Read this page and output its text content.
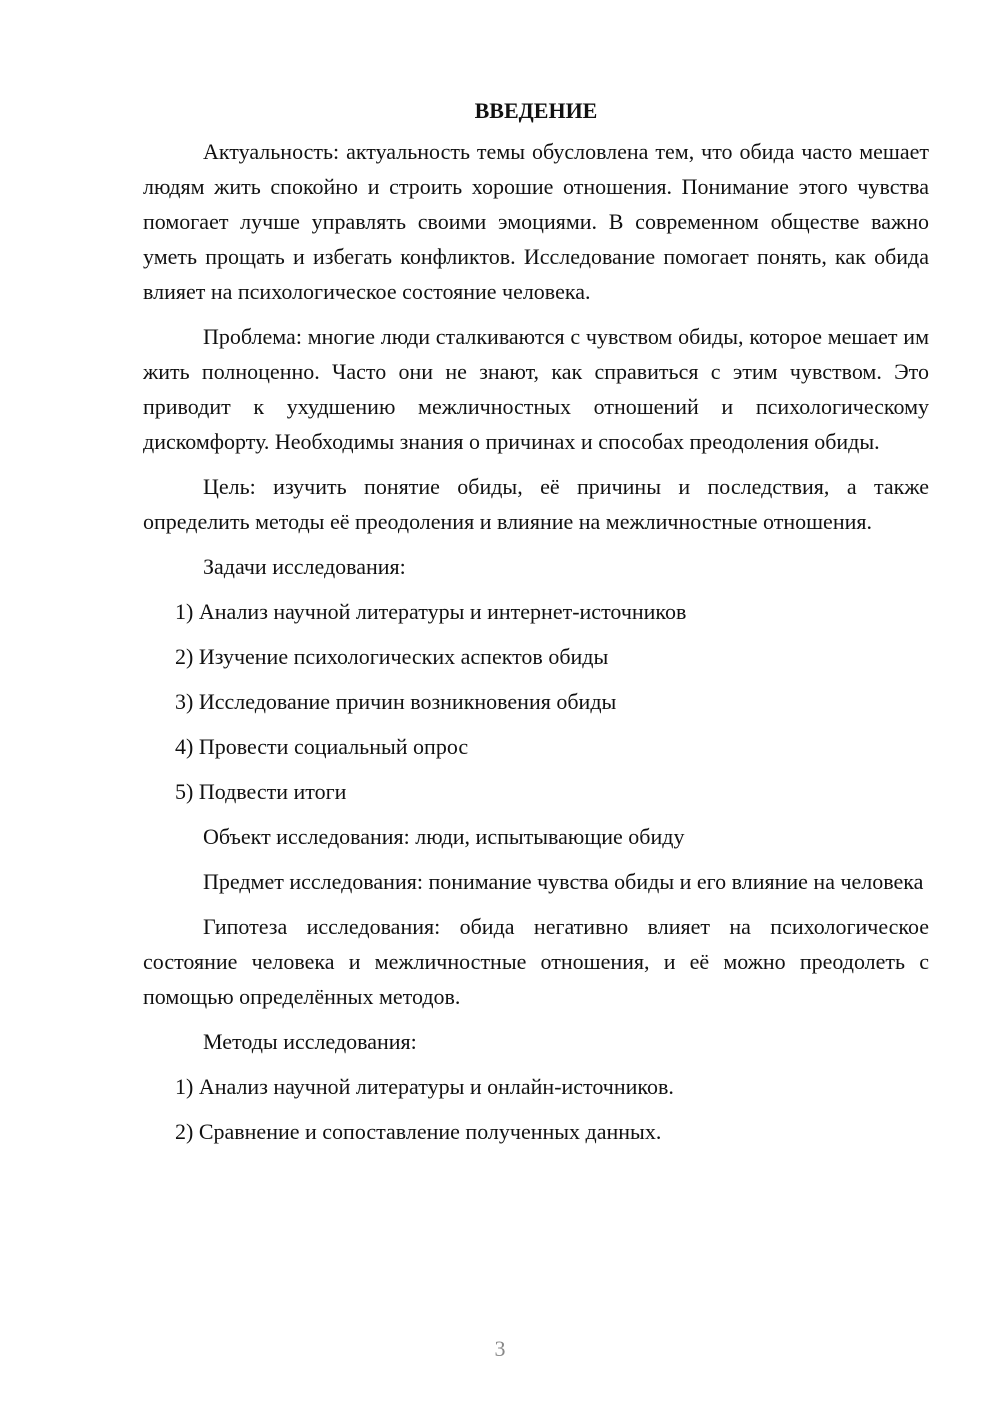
ВВЕДЕНИЕ

Актуальность: актуальность темы обусловлена тем, что обида часто мешает людям жить спокойно и строить хорошие отношения. Понимание этого чувства помогает лучше управлять своими эмоциями. В современном обществе важно уметь прощать и избегать конфликтов. Исследование помогает понять, как обида влияет на психологическое состояние человека.

Проблема: многие люди сталкиваются с чувством обиды, которое мешает им жить полноценно. Часто они не знают, как справиться с этим чувством. Это приводит к ухудшению межличностных отношений и психологическому дискомфорту. Необходимы знания о причинах и способах преодоления обиды.

Цель: изучить понятие обиды, её причины и последствия, а также определить методы её преодоления и влияние на межличностные отношения.

Задачи исследования:
1) Анализ научной литературы и интернет-источников
2) Изучение психологических аспектов обиды
3) Исследование причин возникновения обиды
4) Провести социальный опрос
5) Подвести итоги
Объект исследования: люди, испытывающие обиду

Предмет исследования: понимание чувства обиды и его влияние на человека

Гипотеза исследования: обида негативно влияет на психологическое состояние человека и межличностные отношения, и её можно преодолеть с помощью определённых методов.

Методы исследования:
1) Анализ научной литературы и онлайн-источников.
2) Сравнение и сопоставление полученных данных.
3
